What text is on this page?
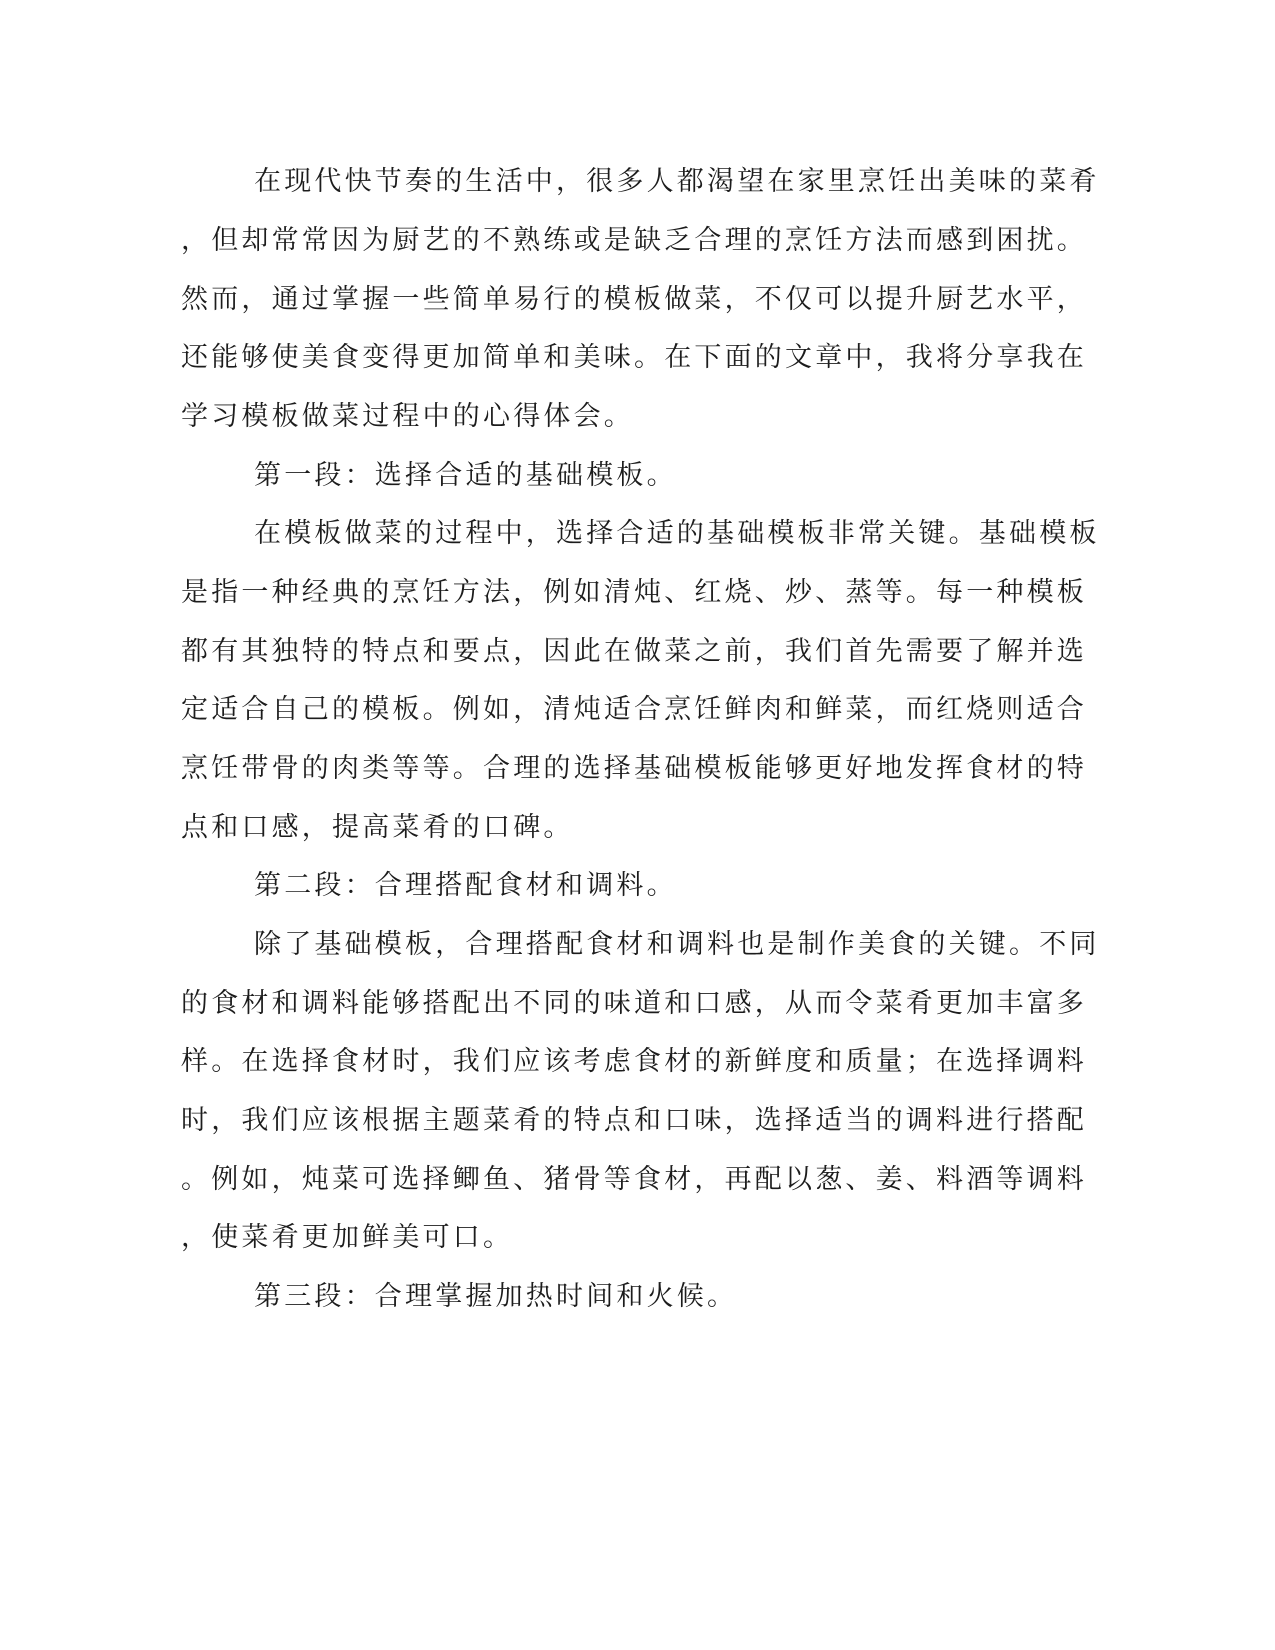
在现代快节奏的生活中，很多人都渴望在家里烹饪出美味的菜肴
，但却常常因为厨艺的不熟练或是缺乏合理的烹饪方法而感到困扰。
然而，通过掌握一些简单易行的模板做菜，不仅可以提升厨艺水平，
还能够使美食变得更加简单和美味。在下面的文章中，我将分享我在
学习模板做菜过程中的心得体会。
第一段：选择合适的基础模板。
在模板做菜的过程中，选择合适的基础模板非常关键。基础模板
是指一种经典的烹饪方法，例如清炖、红烧、炒、蒸等。每一种模板
都有其独特的特点和要点，因此在做菜之前，我们首先需要了解并选
定适合自己的模板。例如，清炖适合烹饪鲜肉和鲜菜，而红烧则适合
烹饪带骨的肉类等等。合理的选择基础模板能够更好地发挥食材的特
点和口感，提高菜肴的口碑。
第二段：合理搭配食材和调料。
除了基础模板，合理搭配食材和调料也是制作美食的关键。不同
的食材和调料能够搭配出不同的味道和口感，从而令菜肴更加丰富多
样。在选择食材时，我们应该考虑食材的新鲜度和质量；在选择调料
时，我们应该根据主题菜肴的特点和口味，选择适当的调料进行搭配
。例如，炖菜可选择鲫鱼、猪骨等食材，再配以葱、姜、料酒等调料
，使菜肴更加鲜美可口。
第三段：合理掌握加热时间和火候。
